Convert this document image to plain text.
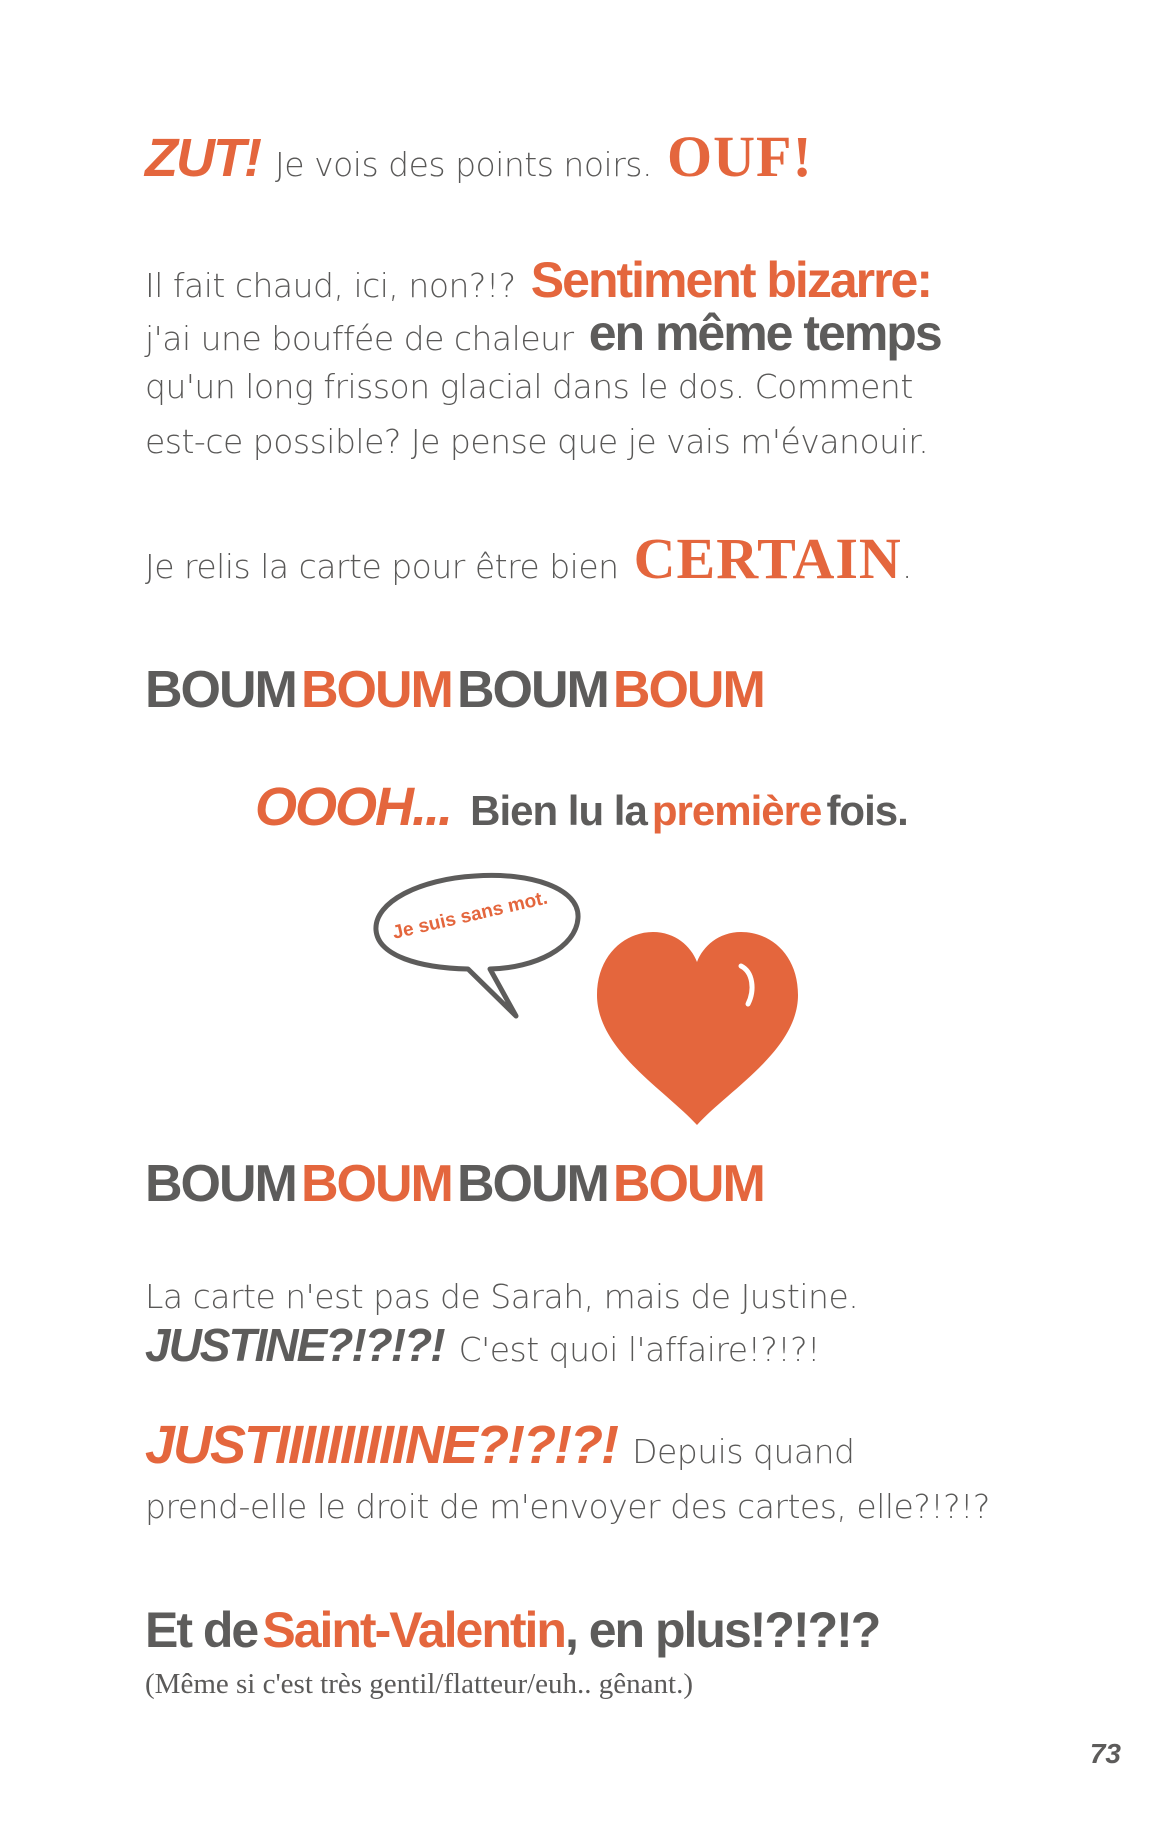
ZUT! Je vois des points noirs. OUF!
Il fait chaud, ici, non?!? Sentiment bizarre:
j'ai une bouffée de chaleur en même temps
qu'un long frisson glacial dans le dos. Comment
est-ce possible? Je pense que je vais m'évanouir.
Je relis la carte pour être bien CERTAIN.
BOUM BOUM BOUM BOUM
OOOH... Bien lu la première fois.
Je suis sans mot.
BOUM BOUM BOUM BOUM
La carte n'est pas de Sarah, mais de Justine.
JUSTINE?!?!?! C'est quoi l'affaire!?!?!
JUSTIIIIIIIIIINE?!?!?! Depuis quand
prend-elle le droit de m'envoyer des cartes, elle?!?!?
Et de Saint-Valentin, en plus!?!?!?
(Même si c'est très gentil/flatteur/euh.. gênant.)
73
